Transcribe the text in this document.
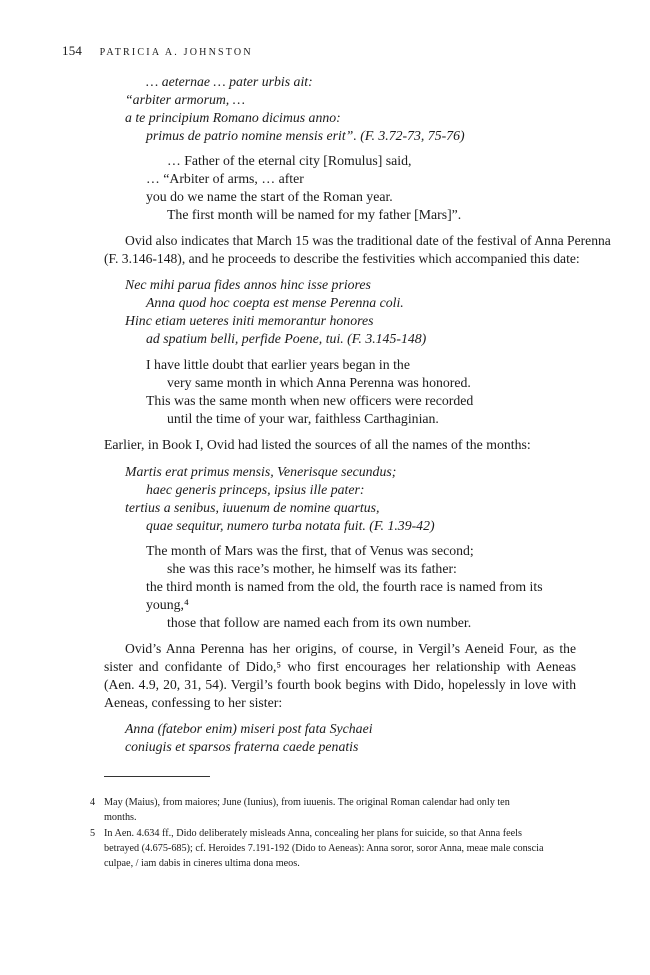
154 PATRICIA A. JOHNSTON
… aeternae … pater urbis ait:
“arbiter armorum, …
a te principium Romano dicimus anno:
primus de patrio nomine mensis erit”. (F. 3.72-73, 75-76)
… Father of the eternal city [Romulus] said,
… “Arbiter of arms, … after
you do we name the start of the Roman year.
The first month will be named for my father [Mars]”.
Ovid also indicates that March 15 was the traditional date of the festival of Anna Perenna
(F. 3.146-148), and he proceeds to describe the festivities which accompanied this date:
Nec mihi parua fides annos hinc isse priores
Anna quod hoc coepta est mense Perenna coli.
Hinc etiam ueteres initi memorantur honores
ad spatium belli, perfide Poene, tui. (F. 3.145-148)
I have little doubt that earlier years began in the
very same month in which Anna Perenna was honored.
This was the same month when new officers were recorded
until the time of your war, faithless Carthaginian.
Earlier, in Book I, Ovid had listed the sources of all the names of the months:
Martis erat primus mensis, Venerisque secundus;
haec generis princeps, ipsius ille pater:
tertius a senibus, iuuenum de nomine quartus,
quae sequitur, numero turba notata fuit. (F. 1.39-42)
The month of Mars was the first, that of Venus was second;
she was this race’s mother, he himself was its father:
the third month is named from the old, the fourth race is named from its
young,⁴
those that follow are named each from its own number.
Ovid’s Anna Perenna has her origins, of course, in Vergil’s Aeneid Four, as the
sister and confidante of Dido,⁵ who first encourages her relationship with Aeneas
(Aen. 4.9, 20, 31, 54). Vergil’s fourth book begins with Dido, hopelessly in love with
Aeneas, confessing to her sister:
Anna (fatebor enim) miseri post fata Sychaei
coniugis et sparsos fraterna caede penatis
4 May (Maius), from maiores; June (Iunius), from iuuenis. The original Roman calendar had only ten
months.
5 In Aen. 4.634 ff., Dido deliberately misleads Anna, concealing her plans for suicide, so that Anna feels
betrayed (4.675-685); cf. Heroides 7.191-192 (Dido to Aeneas): Anna soror, soror Anna, meae male conscia
culpae, / iam dabis in cineres ultima dona meos.
